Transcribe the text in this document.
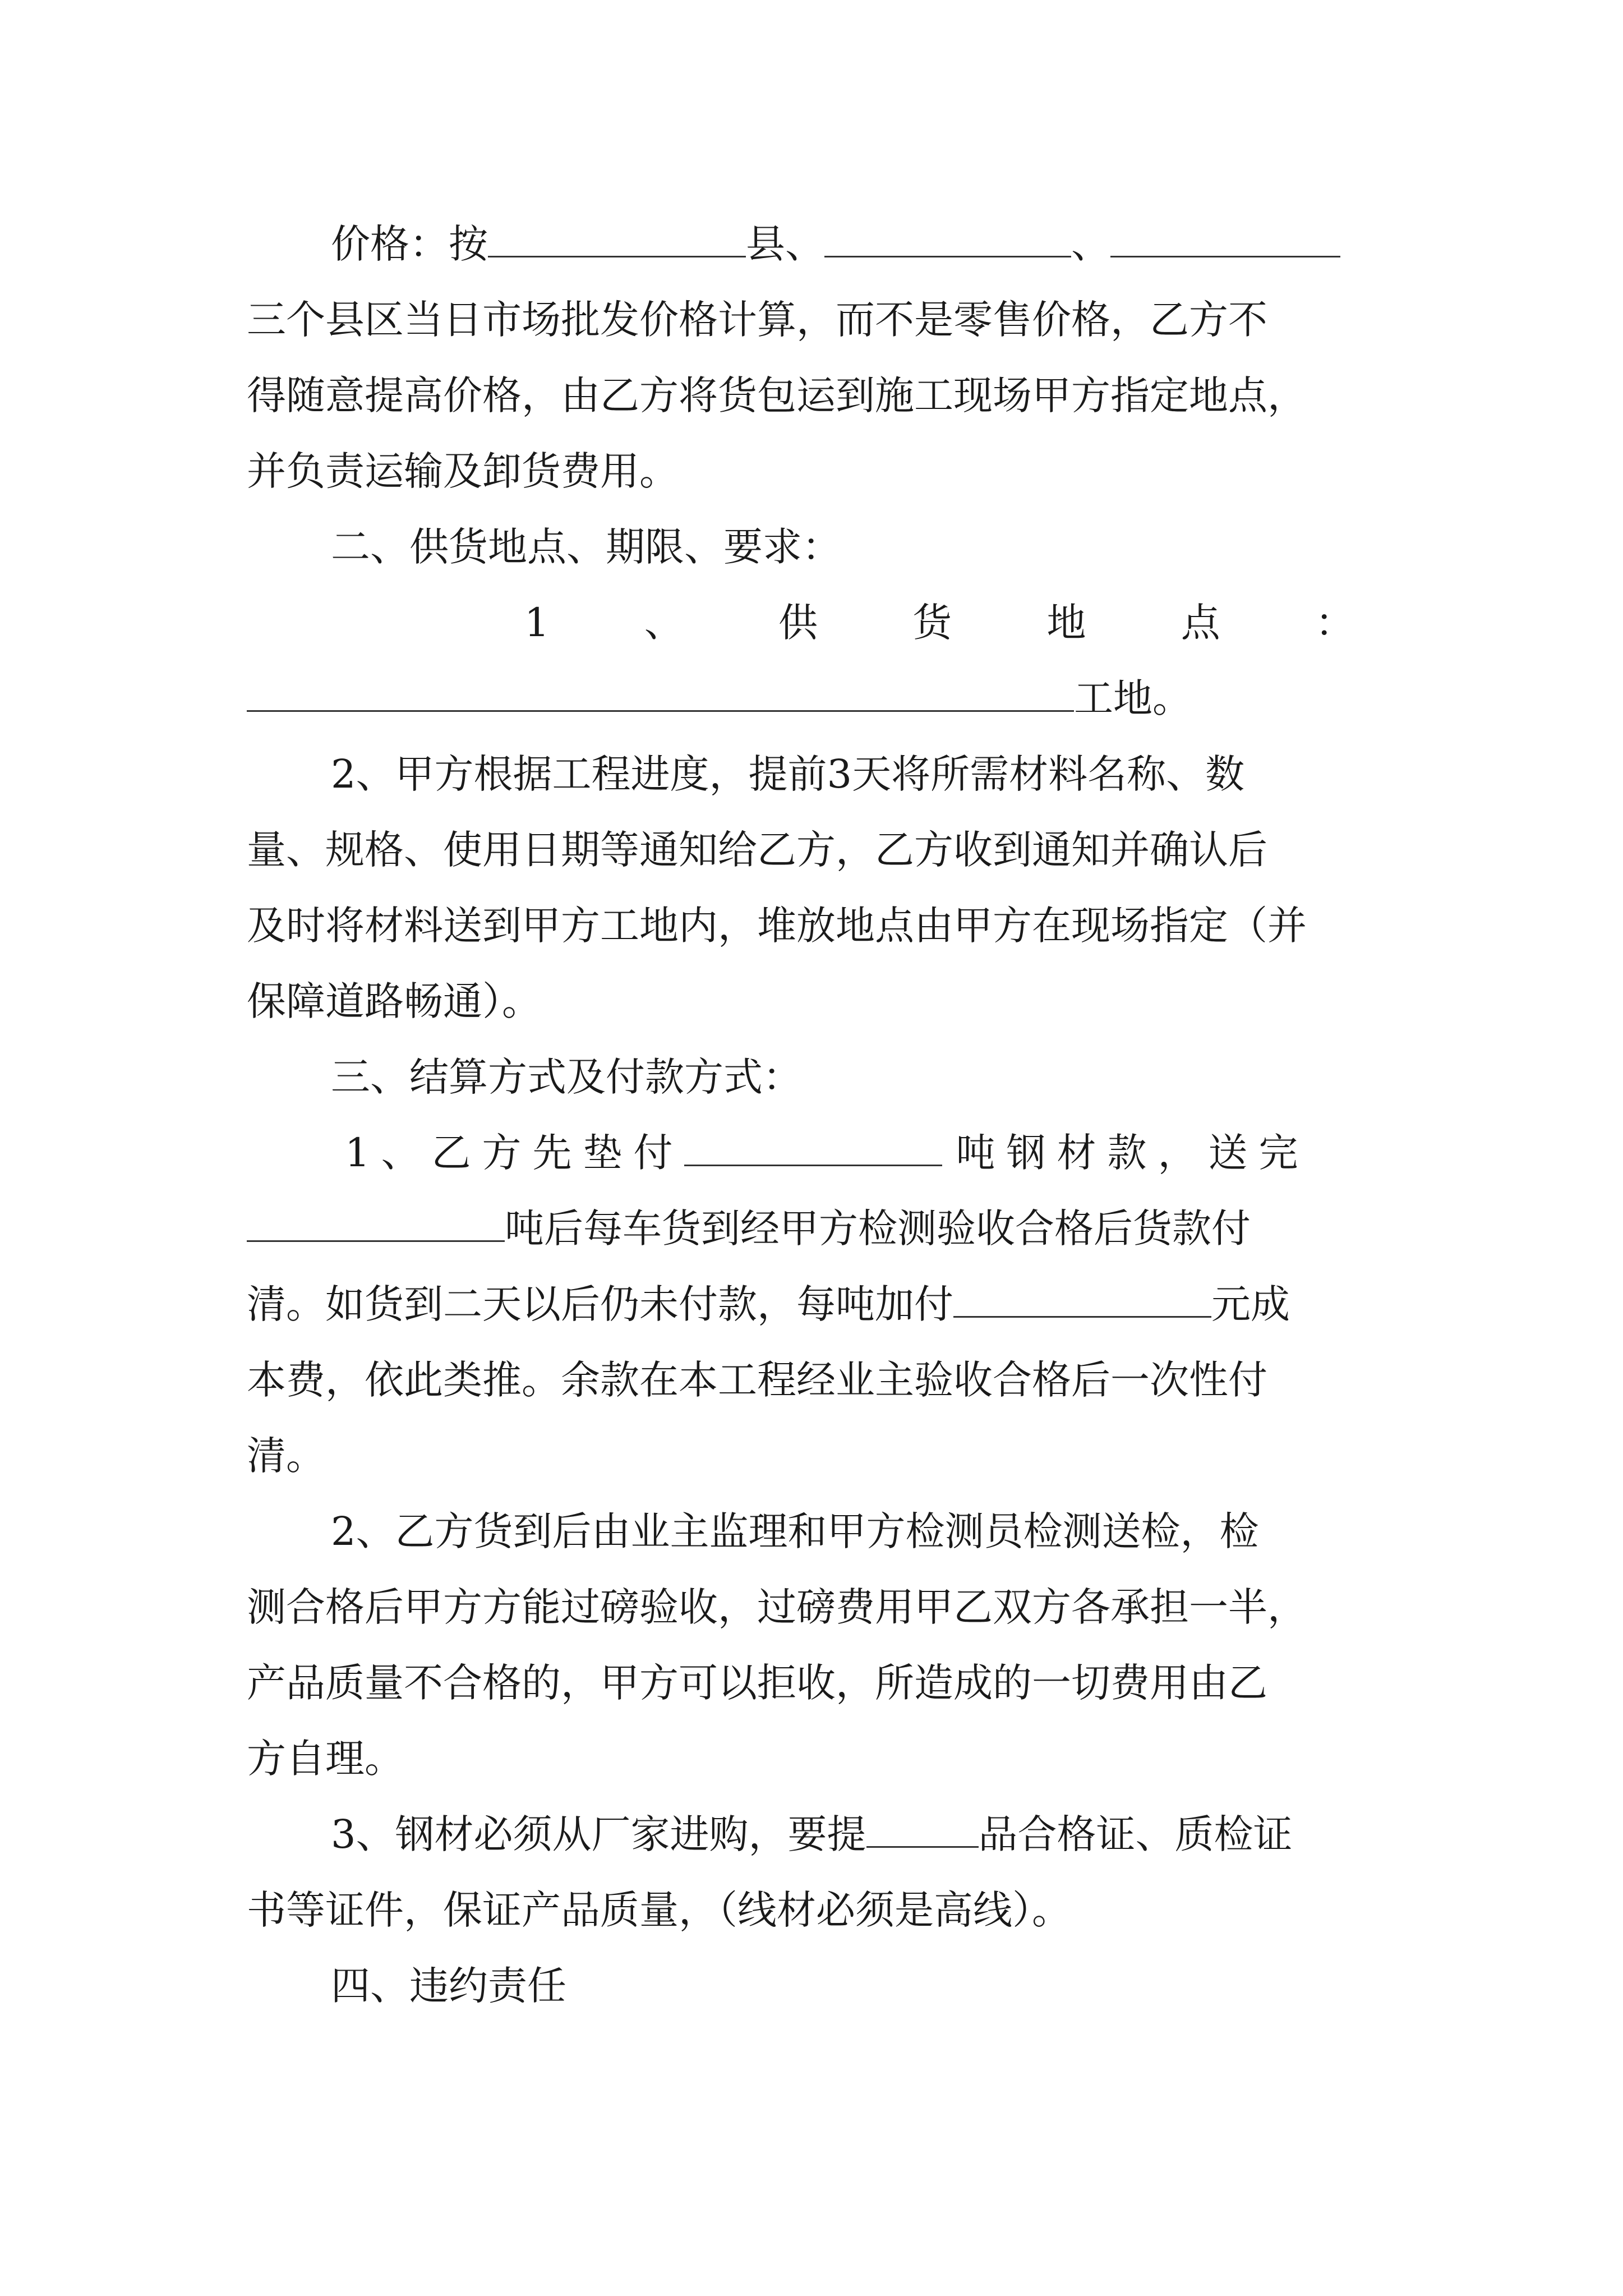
价格：按	县、	、
三个县区当日市场批发价格计算，而不是零售价格，乙方不
得随意提高价格，由乙方将货包运到施工现场甲方指定地点，
并负责运输及卸货费用。
二、供货地点、期限、要求：
1 、 供 货 地 点 ：
工地。
2、甲方根据工程进度，提前3天将所需材料名称、数
量、规格、使用日期等通知给乙方，乙方收到通知并确认后
及时将材料送到甲方工地内，堆放地点由甲方在现场指定（并
保障道路畅通）。
三、结算方式及付款方式：
1、乙方先垫付	吨钢材款，送完
吨后每车货到经甲方检测验收合格后货款付
清。如货到二天以后仍未付款，每吨加付	元成
本费，依此类推。余款在本工程经业主验收合格后一次性付
清。
2、乙方货到后由业主监理和甲方检测员检测送检，检
测合格后甲方方能过磅验收，过磅费用甲乙双方各承担一半，
产品质量不合格的，甲方可以拒收，所造成的一切费用由乙
方自理。
3、钢材必须从厂家进购，要提	品合格证、质检证
书等证件，保证产品质量，（线材必须是高线）。
四、违约责任
